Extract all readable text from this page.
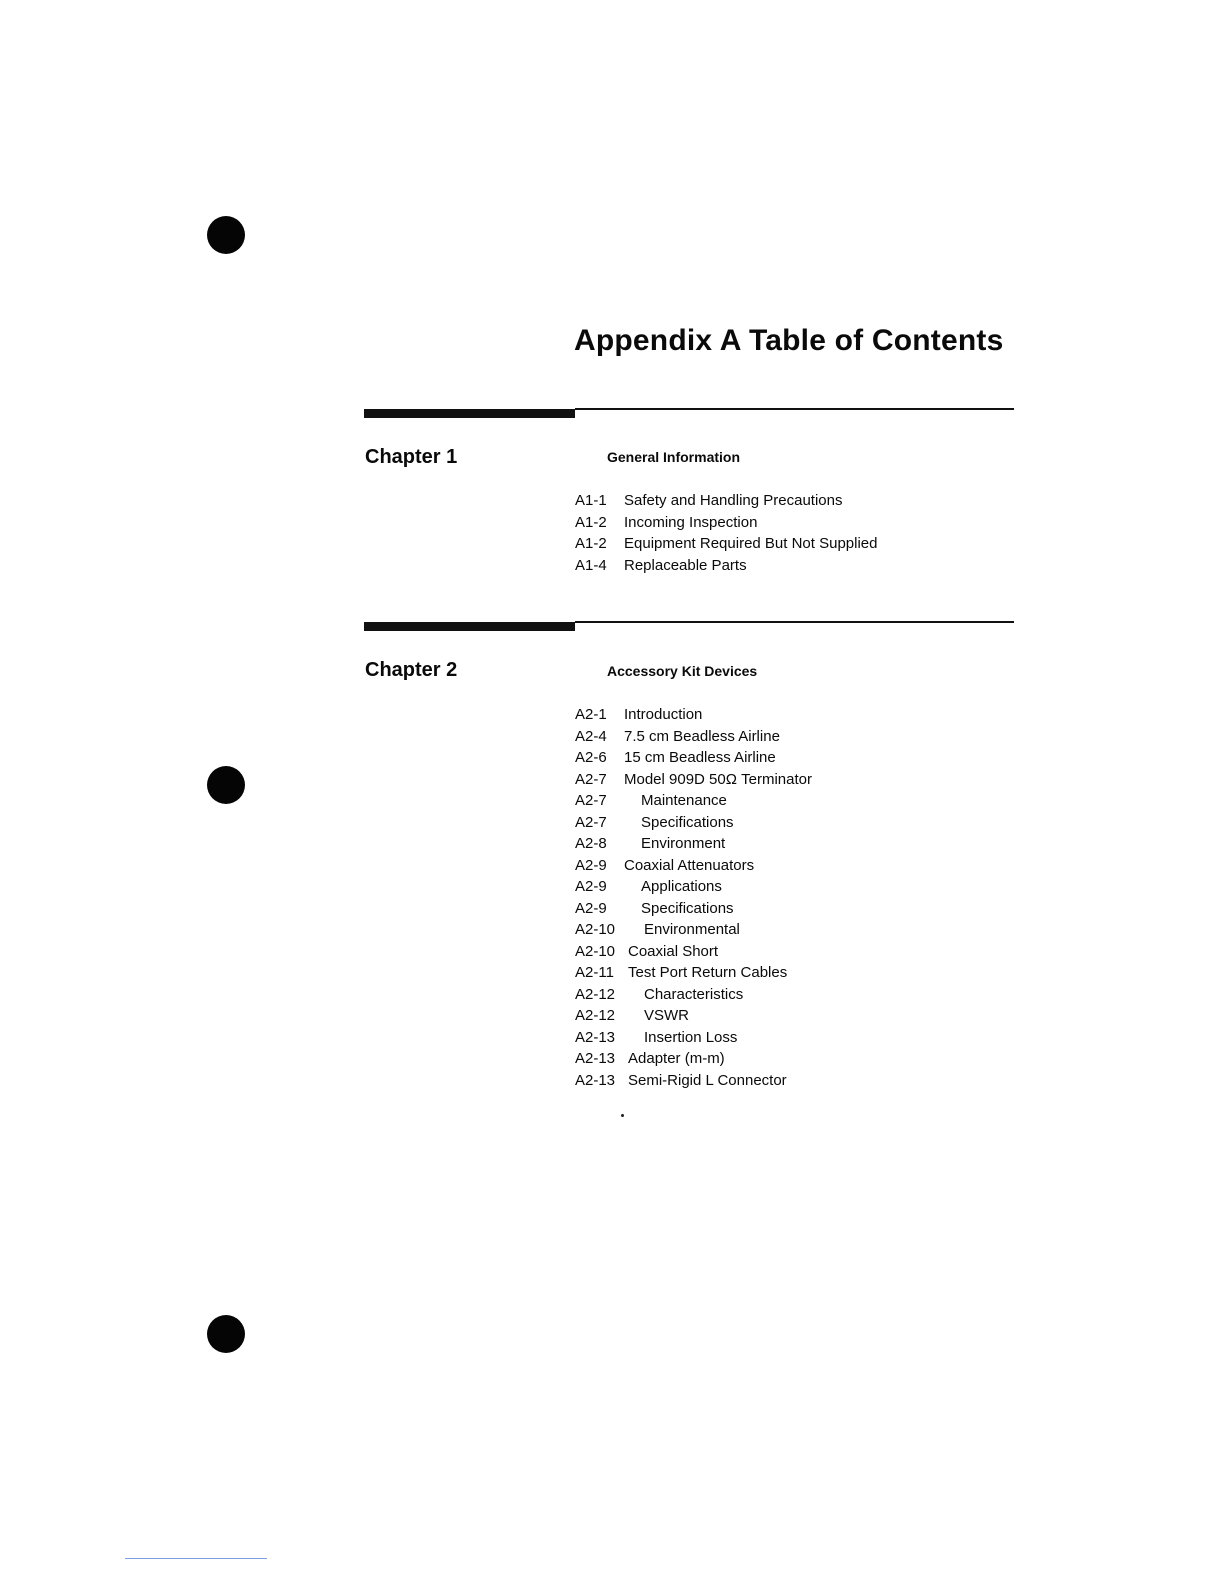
Appendix A Table of Contents
Chapter 1	General Information
A1-1 Safety and Handling Precautions
A1-2 Incoming Inspection
A1-2 Equipment Required But Not Supplied
A1-4 Replaceable Parts
Chapter 2	Accessory Kit Devices
A2-1 Introduction
A2-4 7.5 cm Beadless Airline
A2-6 15 cm Beadless Airline
A2-7 Model 909D 50Ω Terminator
A2-7 Maintenance
A2-7 Specifications
A2-8 Environment
A2-9 Coaxial Attenuators
A2-9 Applications
A2-9 Specifications
A2-10 Environmental
A2-10 Coaxial Short
A2-11 Test Port Return Cables
A2-12 Characteristics
A2-12 VSWR
A2-13 Insertion Loss
A2-13 Adapter (m-m)
A2-13 Semi-Rigid L Connector
